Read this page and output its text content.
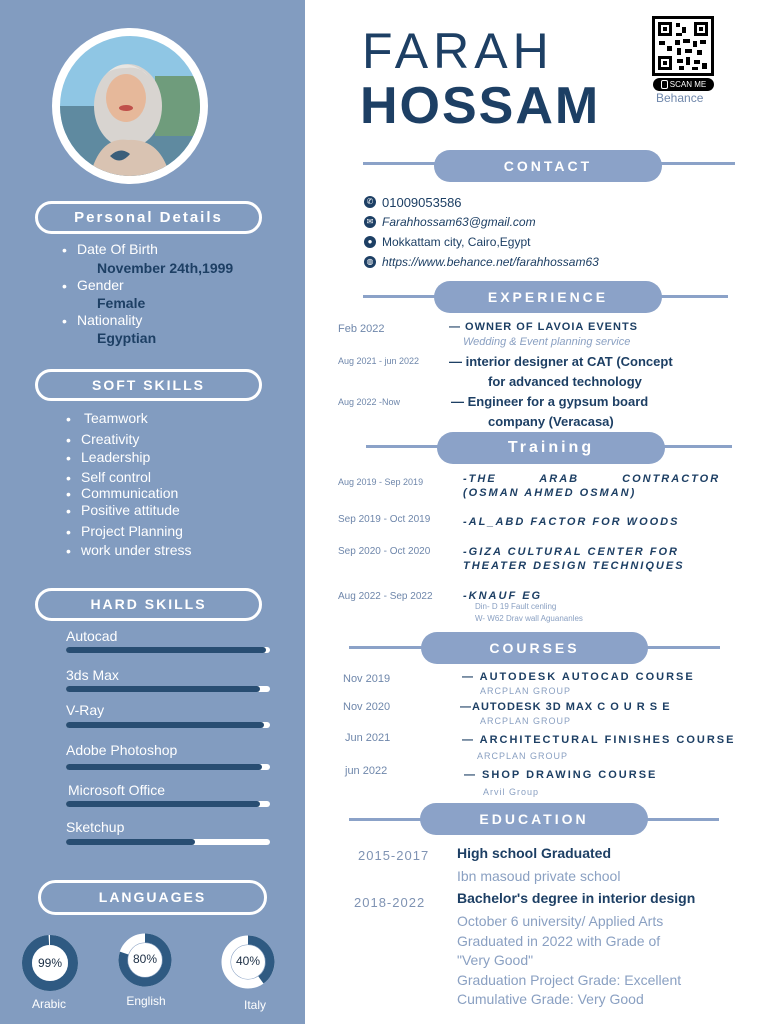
Personal Details
• Date Of Birth
November 24th,1999
• Gender
Female
• Nationality
Egyptian
SOFT SKILLS
• Teamwork
• Creativity
• Leadership
• Self control
• Communication
• Positive attitude
• Project Planning
• work under stress
HARD SKILLS
Autocad
3ds Max
V-Ray
Adobe Photoshop
Microsoft Office
Sketchup
LANGUAGES
99%
Arabic
80%
English
40%
Italy
FARAH
HOSSAM	SCAN ME
Behance
CONTACT
✆ 01009053586
✉ Farahhossam63@gmail.com
● Mokkattam city, Cairo,Egypt
◍ https://www.behance.net/farahhossam63
EXPERIENCE
Feb 2022	— OWNER OF LAVOIA EVENTS
Wedding & Event planning service
Aug 2021 - jun 2022 — interior designer at CAT (Concept
for advanced technology
Aug 2022 -Now	— Engineer for a gypsum board
company (Veracasa)
Training
Aug 2019 - Sep 2019	-THE ARAB CONTRACTOR
(OSMAN AHMED OSMAN)
Sep 2019 - Oct 2019	-AL_ABD FACTOR FOR WOODS
Sep 2020 - Oct 2020	-GIZA CULTURAL CENTER FOR
THEATER DESIGN TECHNIQUES
Aug 2022 - Sep 2022	-KNAUF EG
Din- D 19 Fault cenling
W- W62 Drav wall Aguananles
COURSES
Nov 2019	— AUTODESK AUTOCAD COURSE
ARCPLAN GROUP
Nov 2020	—AUTODESK 3D MAX C O U R S E
ARCPLAN GROUP
Jun 2021	— ARCHITECTURAL FINISHES COURSE
ARCPLAN GROUP
jun 2022	— SHOP DRAWING COURSE
Arvil Group
EDUCATION
2015-2017 High school Graduated
Ibn masoud private school
2018-2022 Bachelor's degree in interior design
October 6 university/ Applied Arts
Graduated in 2022 with Grade of
"Very Good"
Graduation Project Grade: Excellent
Cumulative Grade: Very Good
